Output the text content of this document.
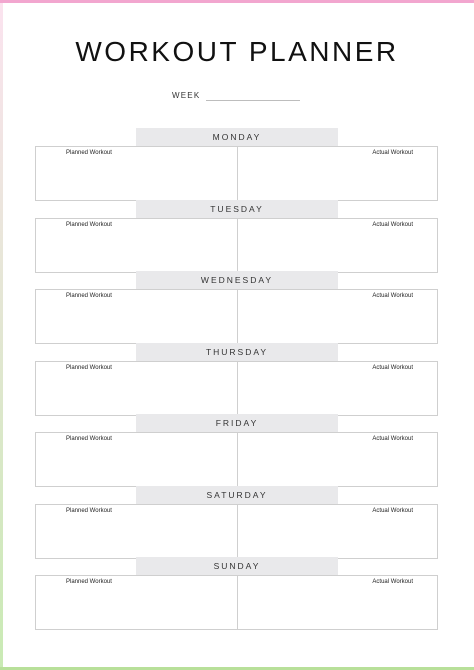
WORKOUT PLANNER
WEEK
MONDAY
Planned Workout	Actual Workout
TUESDAY
Planned Workout	Actual Workout
WEDNESDAY
Planned Workout	Actual Workout
THURSDAY
Planned Workout	Actual Workout
FRIDAY
Planned Workout	Actual Workout
SATURDAY
Planned Workout	Actual Workout
SUNDAY
Planned Workout	Actual Workout
